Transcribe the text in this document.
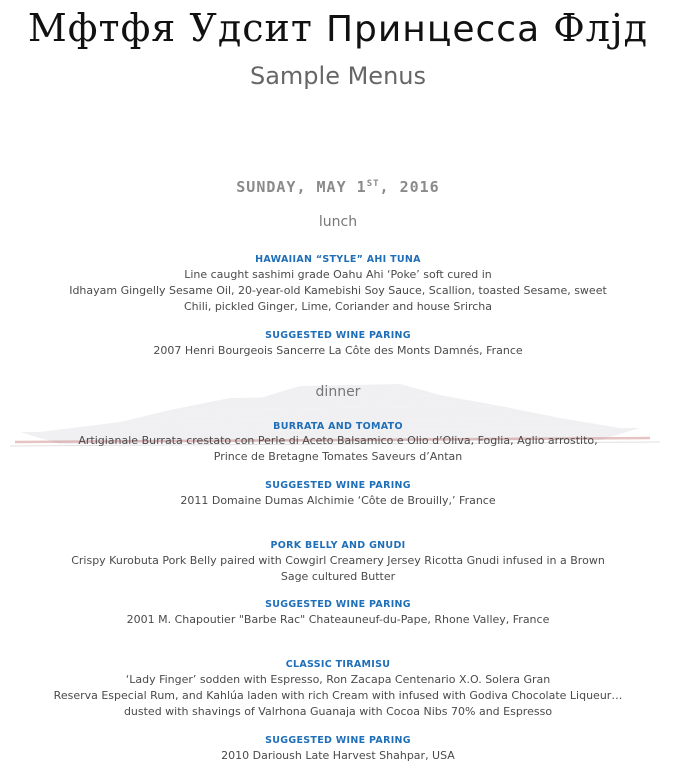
Мфтфя Удсит Принцесса Флjд
Sample Menus
SUNDAY, MAY 1ST, 2016
lunch
HAWAIIAN “STYLE” AHI TUNA
Line caught sashimi grade Oahu Ahi ‘Poke’ soft cured in
Idhayam Gingelly Sesame Oil, 20-year-old Kamebishi Soy Sauce, Scallion, toasted Sesame, sweet
Chili, pickled Ginger, Lime, Coriander and house Srircha
SUGGESTED WINE PARING
2007 Henri Bourgeois Sancerre La Côte des Monts Damnés, France
dinner
BURRATA AND TOMATO
Artigianale Burrata crestato con Perle di Aceto Balsamico e Olio d’Oliva, Foglia, Aglio arrostito,
Prince de Bretagne Tomates Saveurs d’Antan
SUGGESTED WINE PARING
2011 Domaine Dumas Alchimie ‘Côte de Brouilly,’ France
PORK BELLY AND GNUDI
Crispy Kurobuta Pork Belly paired with Cowgirl Creamery Jersey Ricotta Gnudi infused in a Brown
Sage cultured Butter
SUGGESTED WINE PARING
2001 M. Chapoutier "Barbe Rac" Chateauneuf-du-Pape, Rhone Valley, France
CLASSIC TIRAMISU
‘Lady Finger’ sodden with Espresso, Ron Zacapa Centenario X.O. Solera Gran
Reserva Especial Rum, and Kahlúa laden with rich Cream with infused with Godiva Chocolate Liqueur…
dusted with shavings of Valrhona Guanaja with Cocoa Nibs 70% and Espresso
SUGGESTED WINE PARING
2010 Darioush Late Harvest Shahpar, USA
